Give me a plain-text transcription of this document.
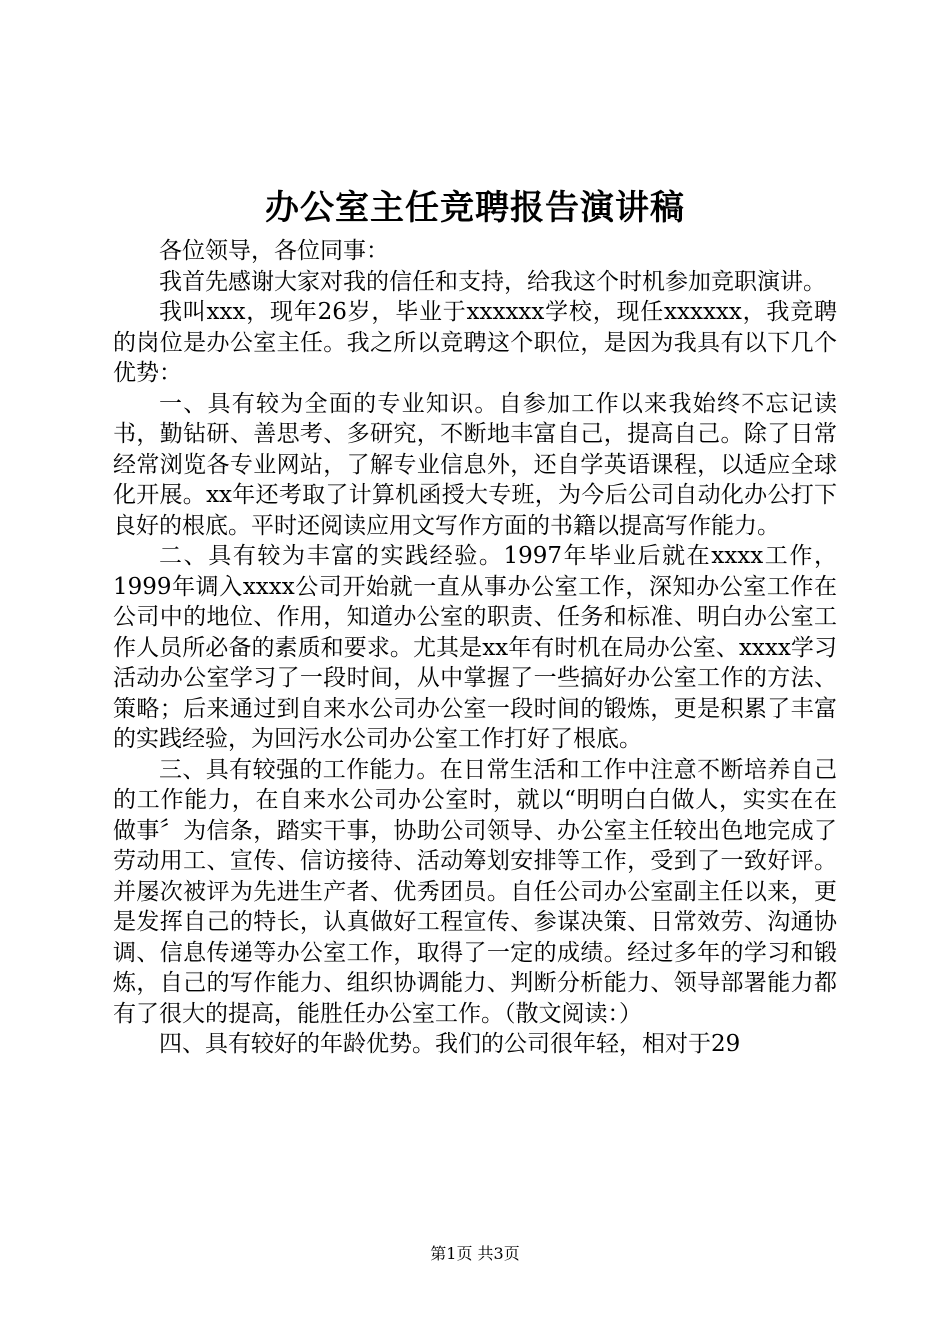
办公室主任竞聘报告演讲稿

各位领导，各位同事：

我首先感谢大家对我的信任和支持，给我这个时机参加竞职演讲。

我叫xxx，现年26岁，毕业于xxxxxx学校，现任xxxxxx，我竞聘的岗位是办公室主任。我之所以竞聘这个职位，是因为我具有以下几个优势：

一、具有较为全面的专业知识。自参加工作以来我始终不忘记读书，勤钻研、善思考、多研究，不断地丰富自己，提高自己。除了日常经常浏览各专业网站，了解专业信息外，还自学英语课程，以适应全球化开展。xx年还考取了计算机函授大专班，为今后公司自动化办公打下良好的根底。平时还阅读应用文写作方面的书籍以提高写作能力。

二、具有较为丰富的实践经验。1997年毕业后就在xxxx工作，1999年调入xxxx公司开始就一直从事办公室工作，深知办公室工作在公司中的地位、作用，知道办公室的职责、任务和标准、明白办公室工作人员所必备的素质和要求。尤其是xx年有时机在局办公室、xxxx学习活动办公室学习了一段时间，从中掌握了一些搞好办公室工作的方法、策略；后来通过到自来水公司办公室一段时间的锻炼，更是积累了丰富的实践经验，为回污水公司办公室工作打好了根底。

三、具有较强的工作能力。在日常生活和工作中注意不断培养自己的工作能力，在自来水公司办公室时，就以“明明白白做人，实实在在做事〞为信条，踏实干事，协助公司领导、办公室主任较出色地完成了劳动用工、宣传、信访接待、活动筹划安排等工作，受到了一致好评。并屡次被评为先进生产者、优秀团员。自任公司办公室副主任以来，更是发挥自己的特长，认真做好工程宣传、参谋决策、日常效劳、沟通协调、信息传递等办公室工作，取得了一定的成绩。经过多年的学习和锻炼，自己的写作能力、组织协调能力、判断分析能力、领导部署能力都有了很大的提高，能胜任办公室工作。（散文阅读：）

四、具有较好的年龄优势。我们的公司很年轻，相对于29

第1页 共3页
